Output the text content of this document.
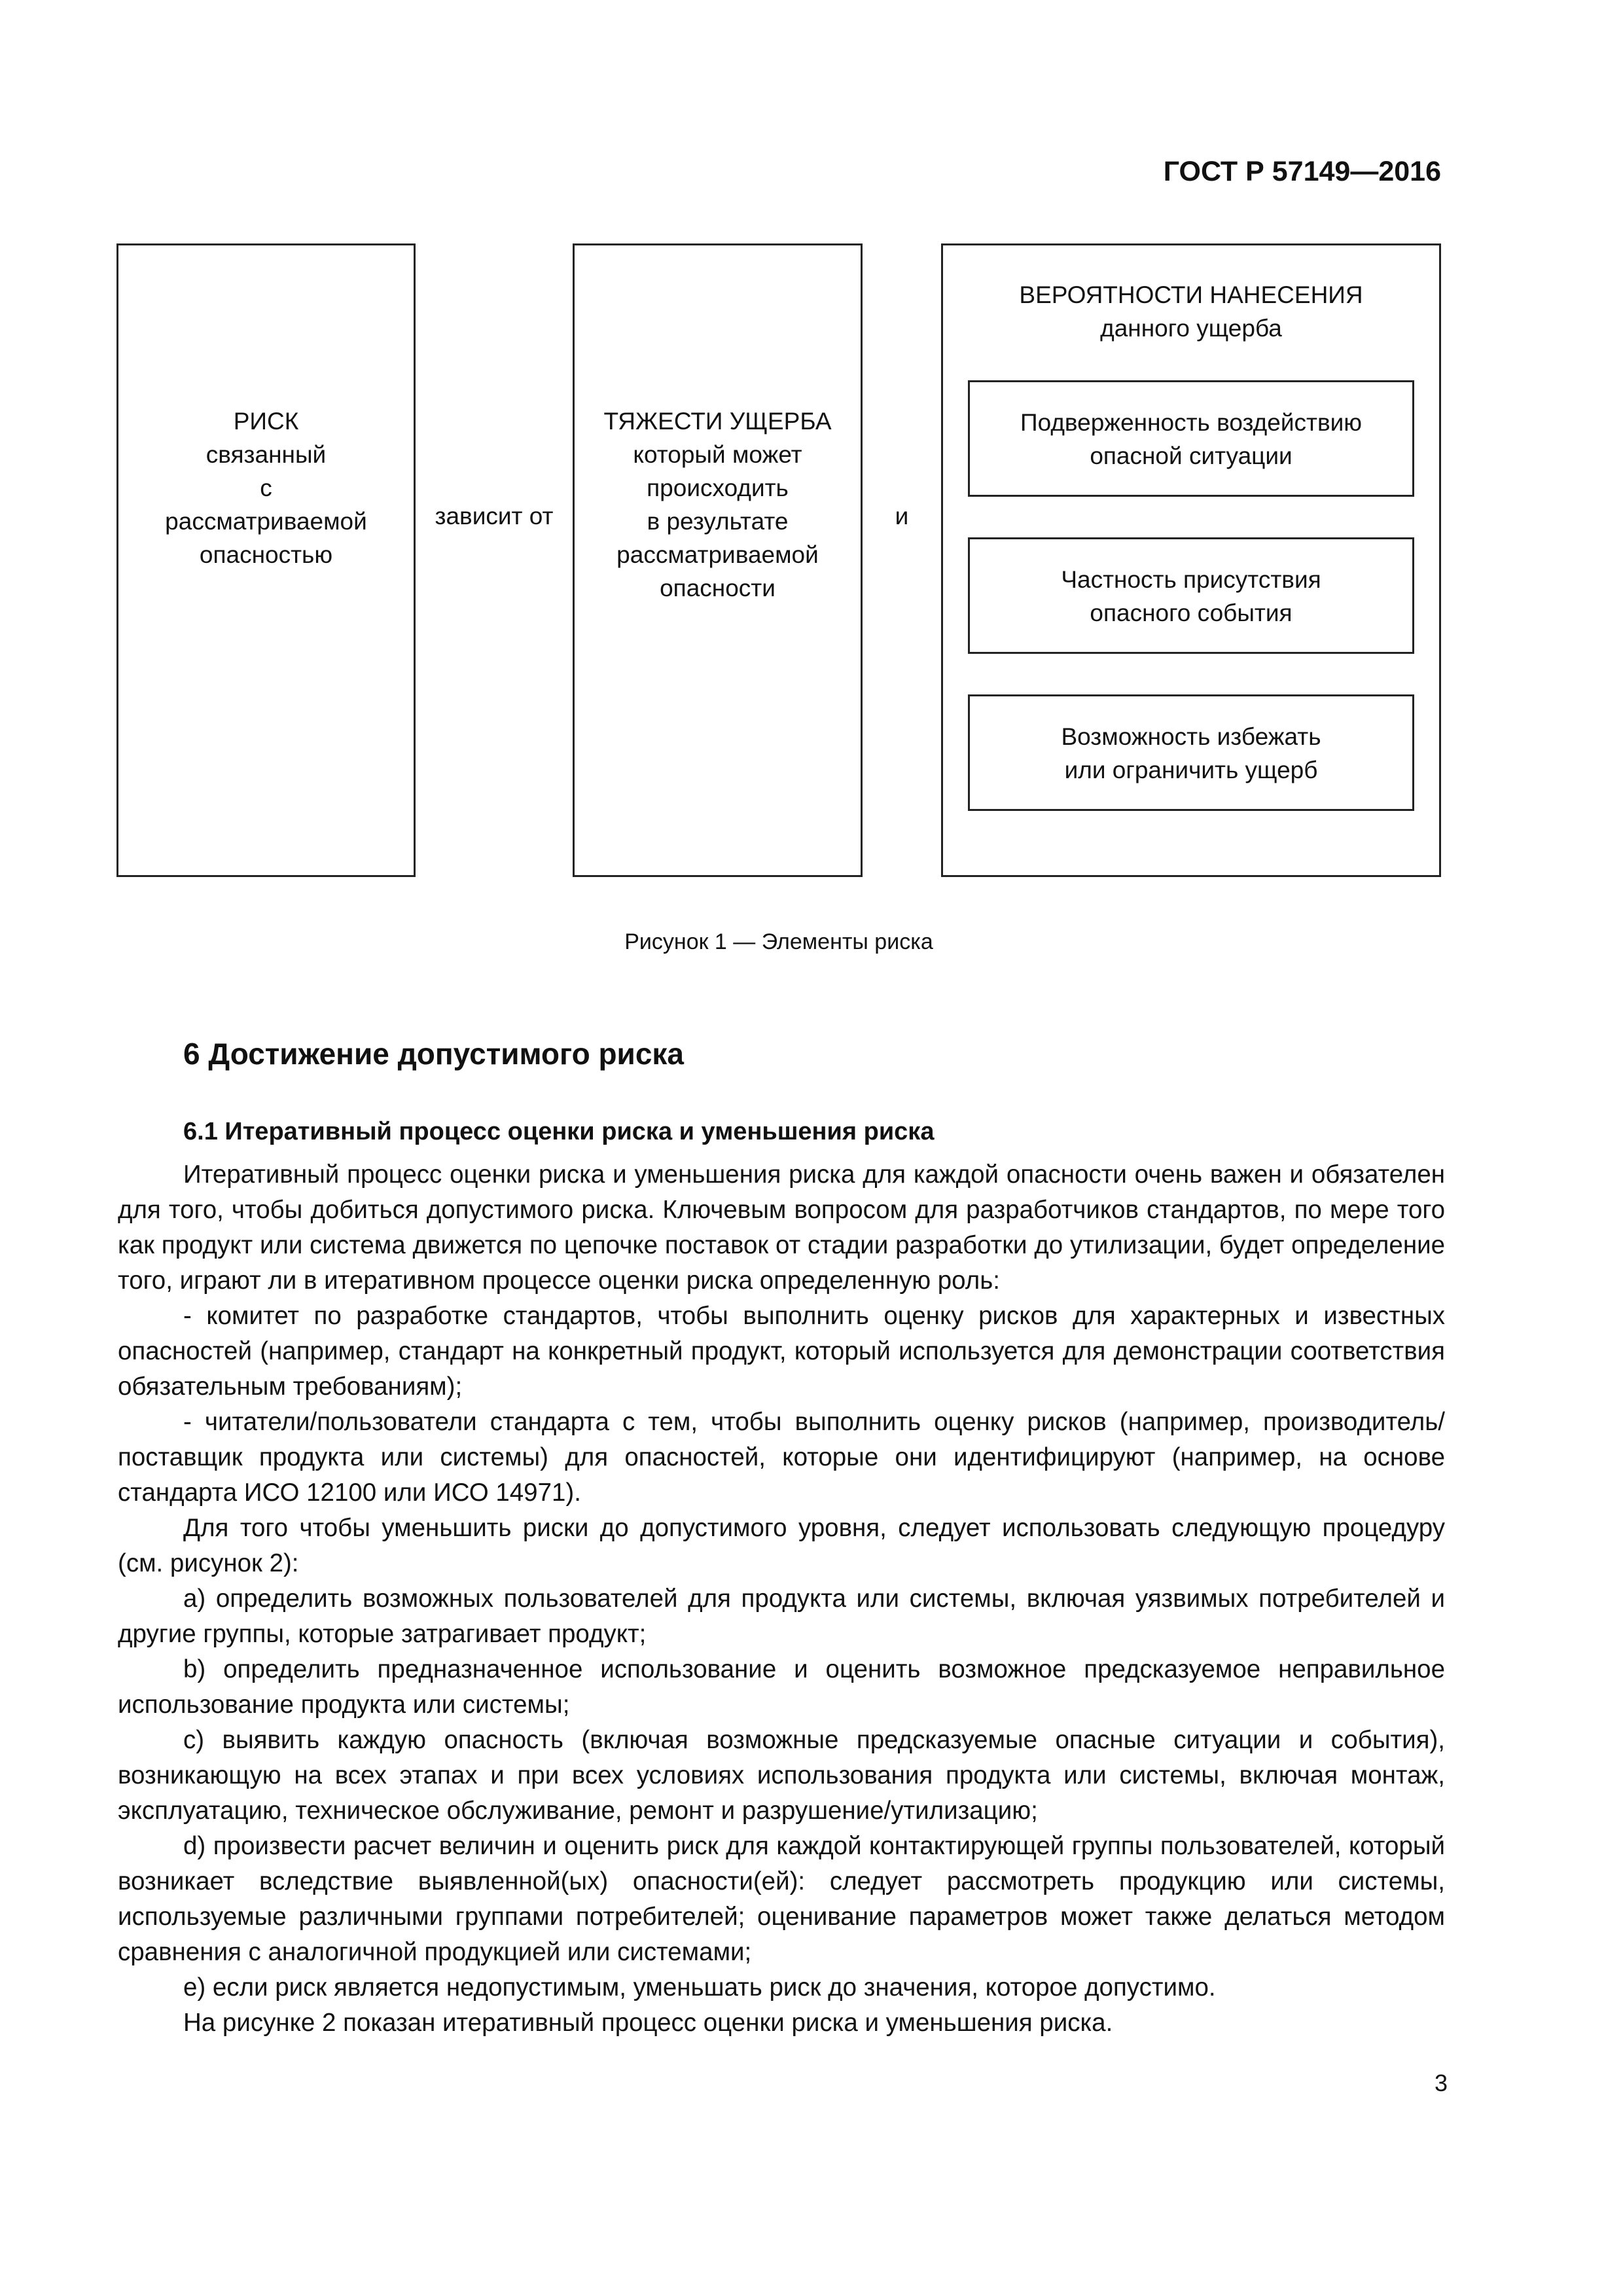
ГОСТ Р 57149—2016
РИСК
связанный
с
рассматриваемой
опасностью
зависит от
ТЯЖЕСТИ УЩЕРБА
который может
происходить
в результате
рассматриваемой
опасности
и
ВЕРОЯТНОСТИ НАНЕСЕНИЯ
данного ущерба
Подверженность воздействию
опасной ситуации
Частность присутствия
опасного события
Возможность избежать
или ограничить ущерб
Рисунок 1 — Элементы риска
6 Достижение допустимого риска
6.1 Итеративный процесс оценки риска и уменьшения риска

Итеративный процесс оценки риска и уменьшения риска для каждой опасности очень важен и обязателен для того, чтобы добиться допустимого риска. Ключевым вопросом для разработчиков стандартов, по мере того как продукт или система движется по цепочке поставок от стадии разработки до утилизации, будет определение того, играют ли в итеративном процессе оценки риска определенную роль:

- комитет по разработке стандартов, чтобы выполнить оценку рисков для характерных и известных опасностей (например, стандарт на конкретный продукт, который используется для демонстрации соответствия обязательным требованиям);

- читатели/пользователи стандарта с тем, чтобы выполнить оценку рисков (например, производитель/поставщик продукта или системы) для опасностей, которые они идентифицируют (например, на основе стандарта ИСО 12100 или ИСО 14971).

Для того чтобы уменьшить риски до допустимого уровня, следует использовать следующую процедуру (см. рисунок 2):

a) определить возможных пользователей для продукта или системы, включая уязвимых потребителей и другие группы, которые затрагивает продукт;

b) определить предназначенное использование и оценить возможное предсказуемое неправильное использование продукта или системы;

c) выявить каждую опасность (включая возможные предсказуемые опасные ситуации и события), возникающую на всех этапах и при всех условиях использования продукта или системы, включая монтаж, эксплуатацию, техническое обслуживание, ремонт и разрушение/утилизацию;

d) произвести расчет величин и оценить риск для каждой контактирующей группы пользователей, который возникает вследствие выявленной(ых) опасности(ей): следует рассмотреть продукцию или системы, используемые различными группами потребителей; оценивание параметров может также делаться методом сравнения с аналогичной продукцией или системами;

e) если риск является недопустимым, уменьшать риск до значения, которое допустимо.

На рисунке 2 показан итеративный процесс оценки риска и уменьшения риска.

3
